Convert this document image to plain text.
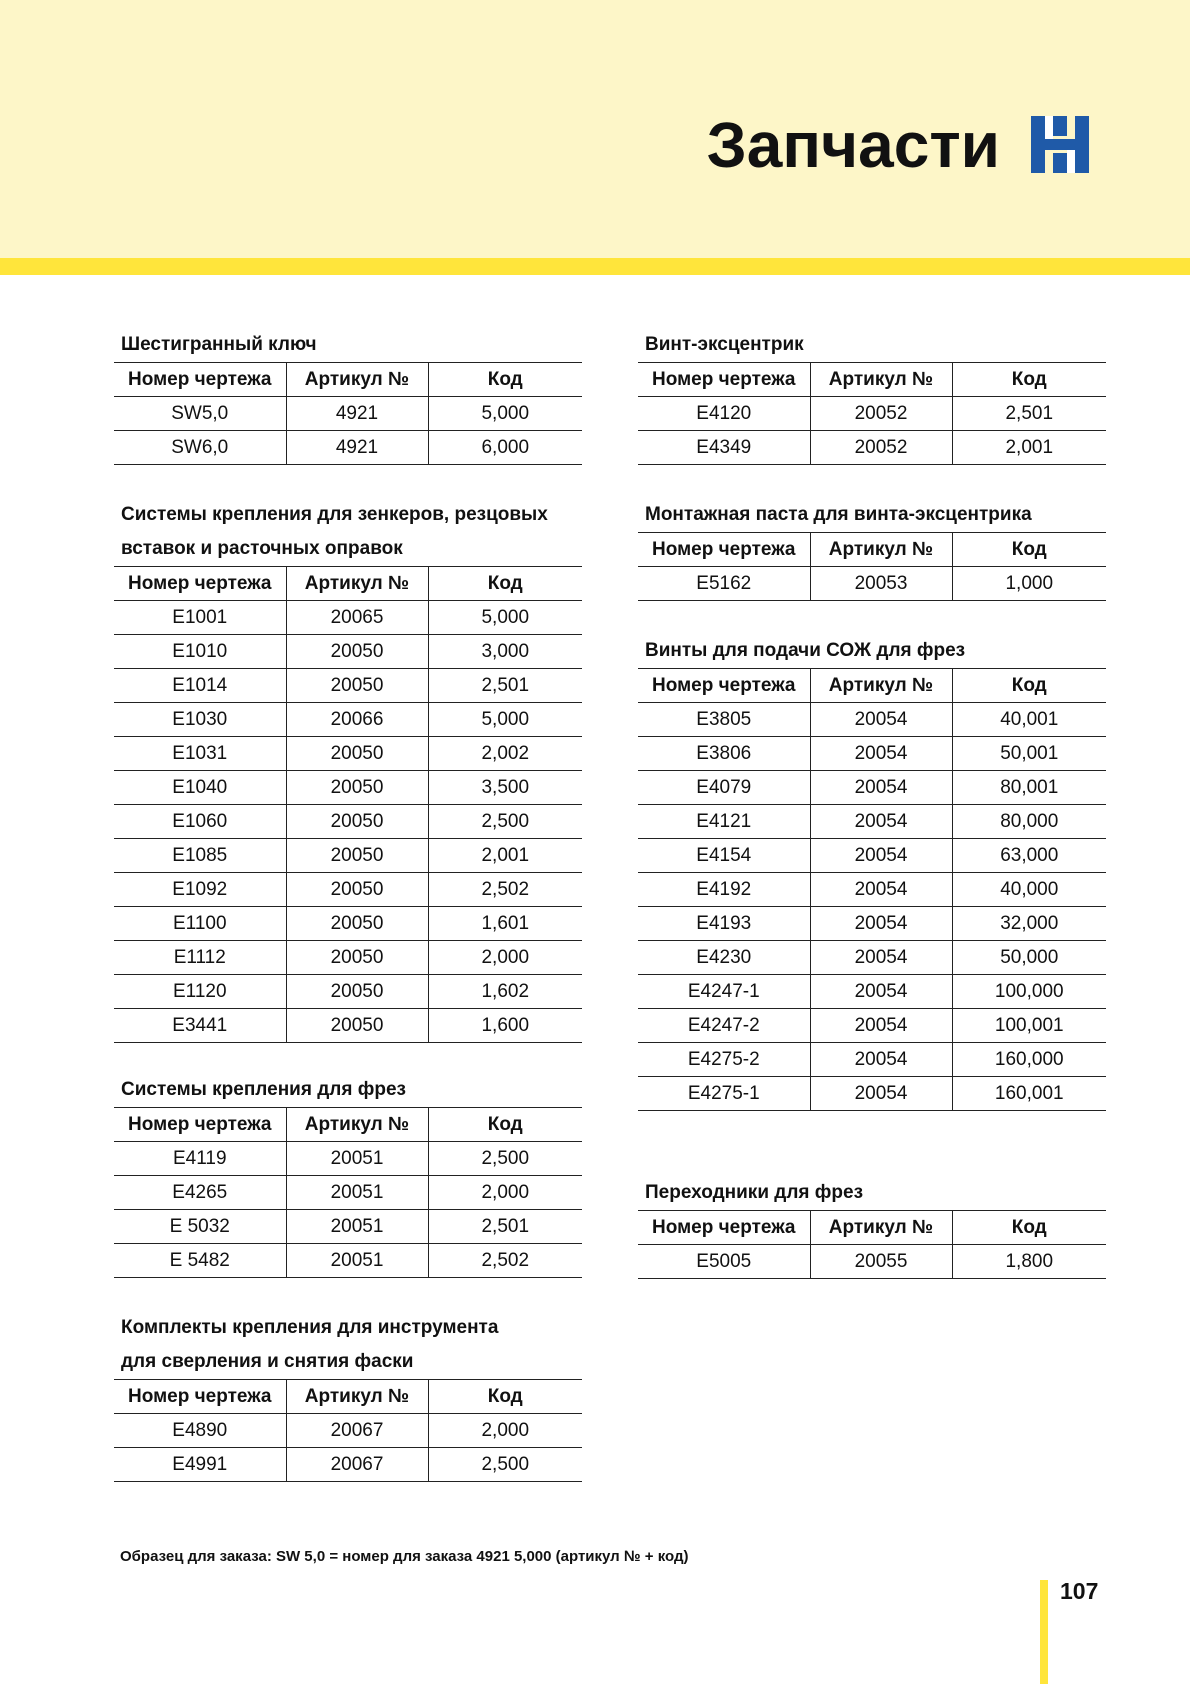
Запчасти
Шестигранный ключ
Номер чертежа	Артикул №	Код
SW5,0	4921	5,000
SW6,0	4921	6,000
Системы крепления для зенкеров, резцовых
вставок и расточных оправок
Номер чертежа	Артикул №	Код
E1001	20065	5,000
E1010	20050	3,000
E1014	20050	2,501
E1030	20066	5,000
E1031	20050	2,002
E1040	20050	3,500
E1060	20050	2,500
E1085	20050	2,001
E1092	20050	2,502
E1100	20050	1,601
E1112	20050	2,000
E1120	20050	1,602
E3441	20050	1,600
Системы крепления для фрез
Номер чертежа	Артикул №	Код
E4119	20051	2,500
E4265	20051	2,000
E 5032	20051	2,501
E 5482	20051	2,502
Комплекты крепления для инструмента
для сверления и снятия фаски
Номер чертежа	Артикул №	Код
E4890	20067	2,000
E4991	20067	2,500
Винт-эксцентрик
Номер чертежа	Артикул №	Код
E4120	20052	2,501
E4349	20052	2,001
Монтажная паста для винта-эксцентрика
Номер чертежа	Артикул №	Код
E5162	20053	1,000
Винты для подачи СОЖ для фрез
Номер чертежа	Артикул №	Код
E3805	20054	40,001
E3806	20054	50,001
E4079	20054	80,001
E4121	20054	80,000
E4154	20054	63,000
E4192	20054	40,000
E4193	20054	32,000
E4230	20054	50,000
E4247-1	20054	100,000
E4247-2	20054	100,001
E4275-2	20054	160,000
E4275-1	20054	160,001
Переходники для фрез
Номер чертежа	Артикул №	Код
E5005	20055	1,800
Образец для заказа: SW 5,0 = номер для заказа 4921 5,000 (артикул № + код)
107
